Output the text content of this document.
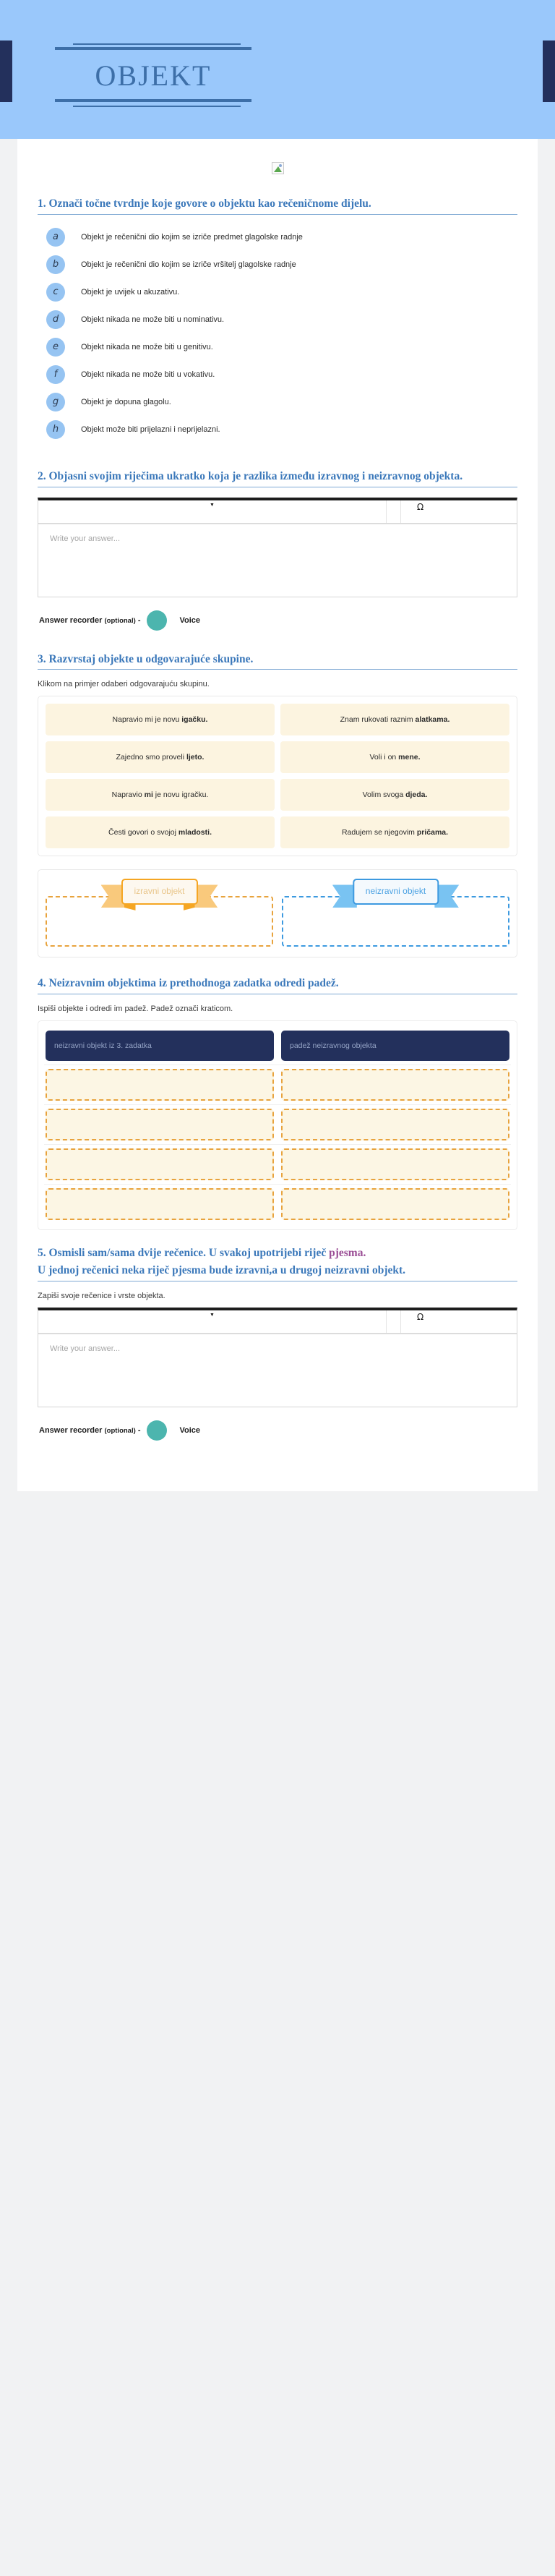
OBJEKT
1. Označi točne tvrdnje koje govore o objektu kao rečeničnome dijelu.
a	Objekt je rečenični dio kojim se izriče predmet glagolske radnje
b	Objekt je rečenični dio kojim se izriče vršitelj glagolske radnje
c	Objekt je uvijek u akuzativu.
d	Objekt nikada ne može biti u nominativu.
e	Objekt nikada ne može biti u genitivu.
f	Objekt nikada ne može biti u vokativu.
g	Objekt je dopuna glagolu.
h	Objekt može biti prijelazni i neprijelazni.
2. Objasni svojim riječima ukratko koja je razlika između izravnog i neizravnog objekta.
▼	Ω
Write your answer...
Answer recorder (optional) -	Voice
3. Razvrstaj objekte u odgovarajuće skupine.
Klikom na primjer odaberi odgovarajuću skupinu.
Napravio mi je novu igačku.	Znam rukovati raznim alatkama.
Zajedno smo proveli ljeto.	Voli i on mene.
Napravio mi je novu igračku.	Volim svoga djeda.
Česti govori o svojoj mladosti.	Radujem se njegovim pričama.
izravni objekt	neizravni objekt
4. Neizravnim objektima iz prethodnoga zadatka odredi padež.
Ispiši objekte i odredi im padež. Padež označi kraticom.
neizravni objekt iz 3. zadatka	padež neizravnog objekta
5. Osmisli sam/sama dvije rečenice. U svakoj upotrijebi riječ pjesma.
U jednoj rečenici neka riječ pjesma bude izravni,a u drugoj neizravni objekt.
Zapiši svoje rečenice i vrste objekta.
▼	Ω
Write your answer...
Answer recorder (optional) -	Voice
